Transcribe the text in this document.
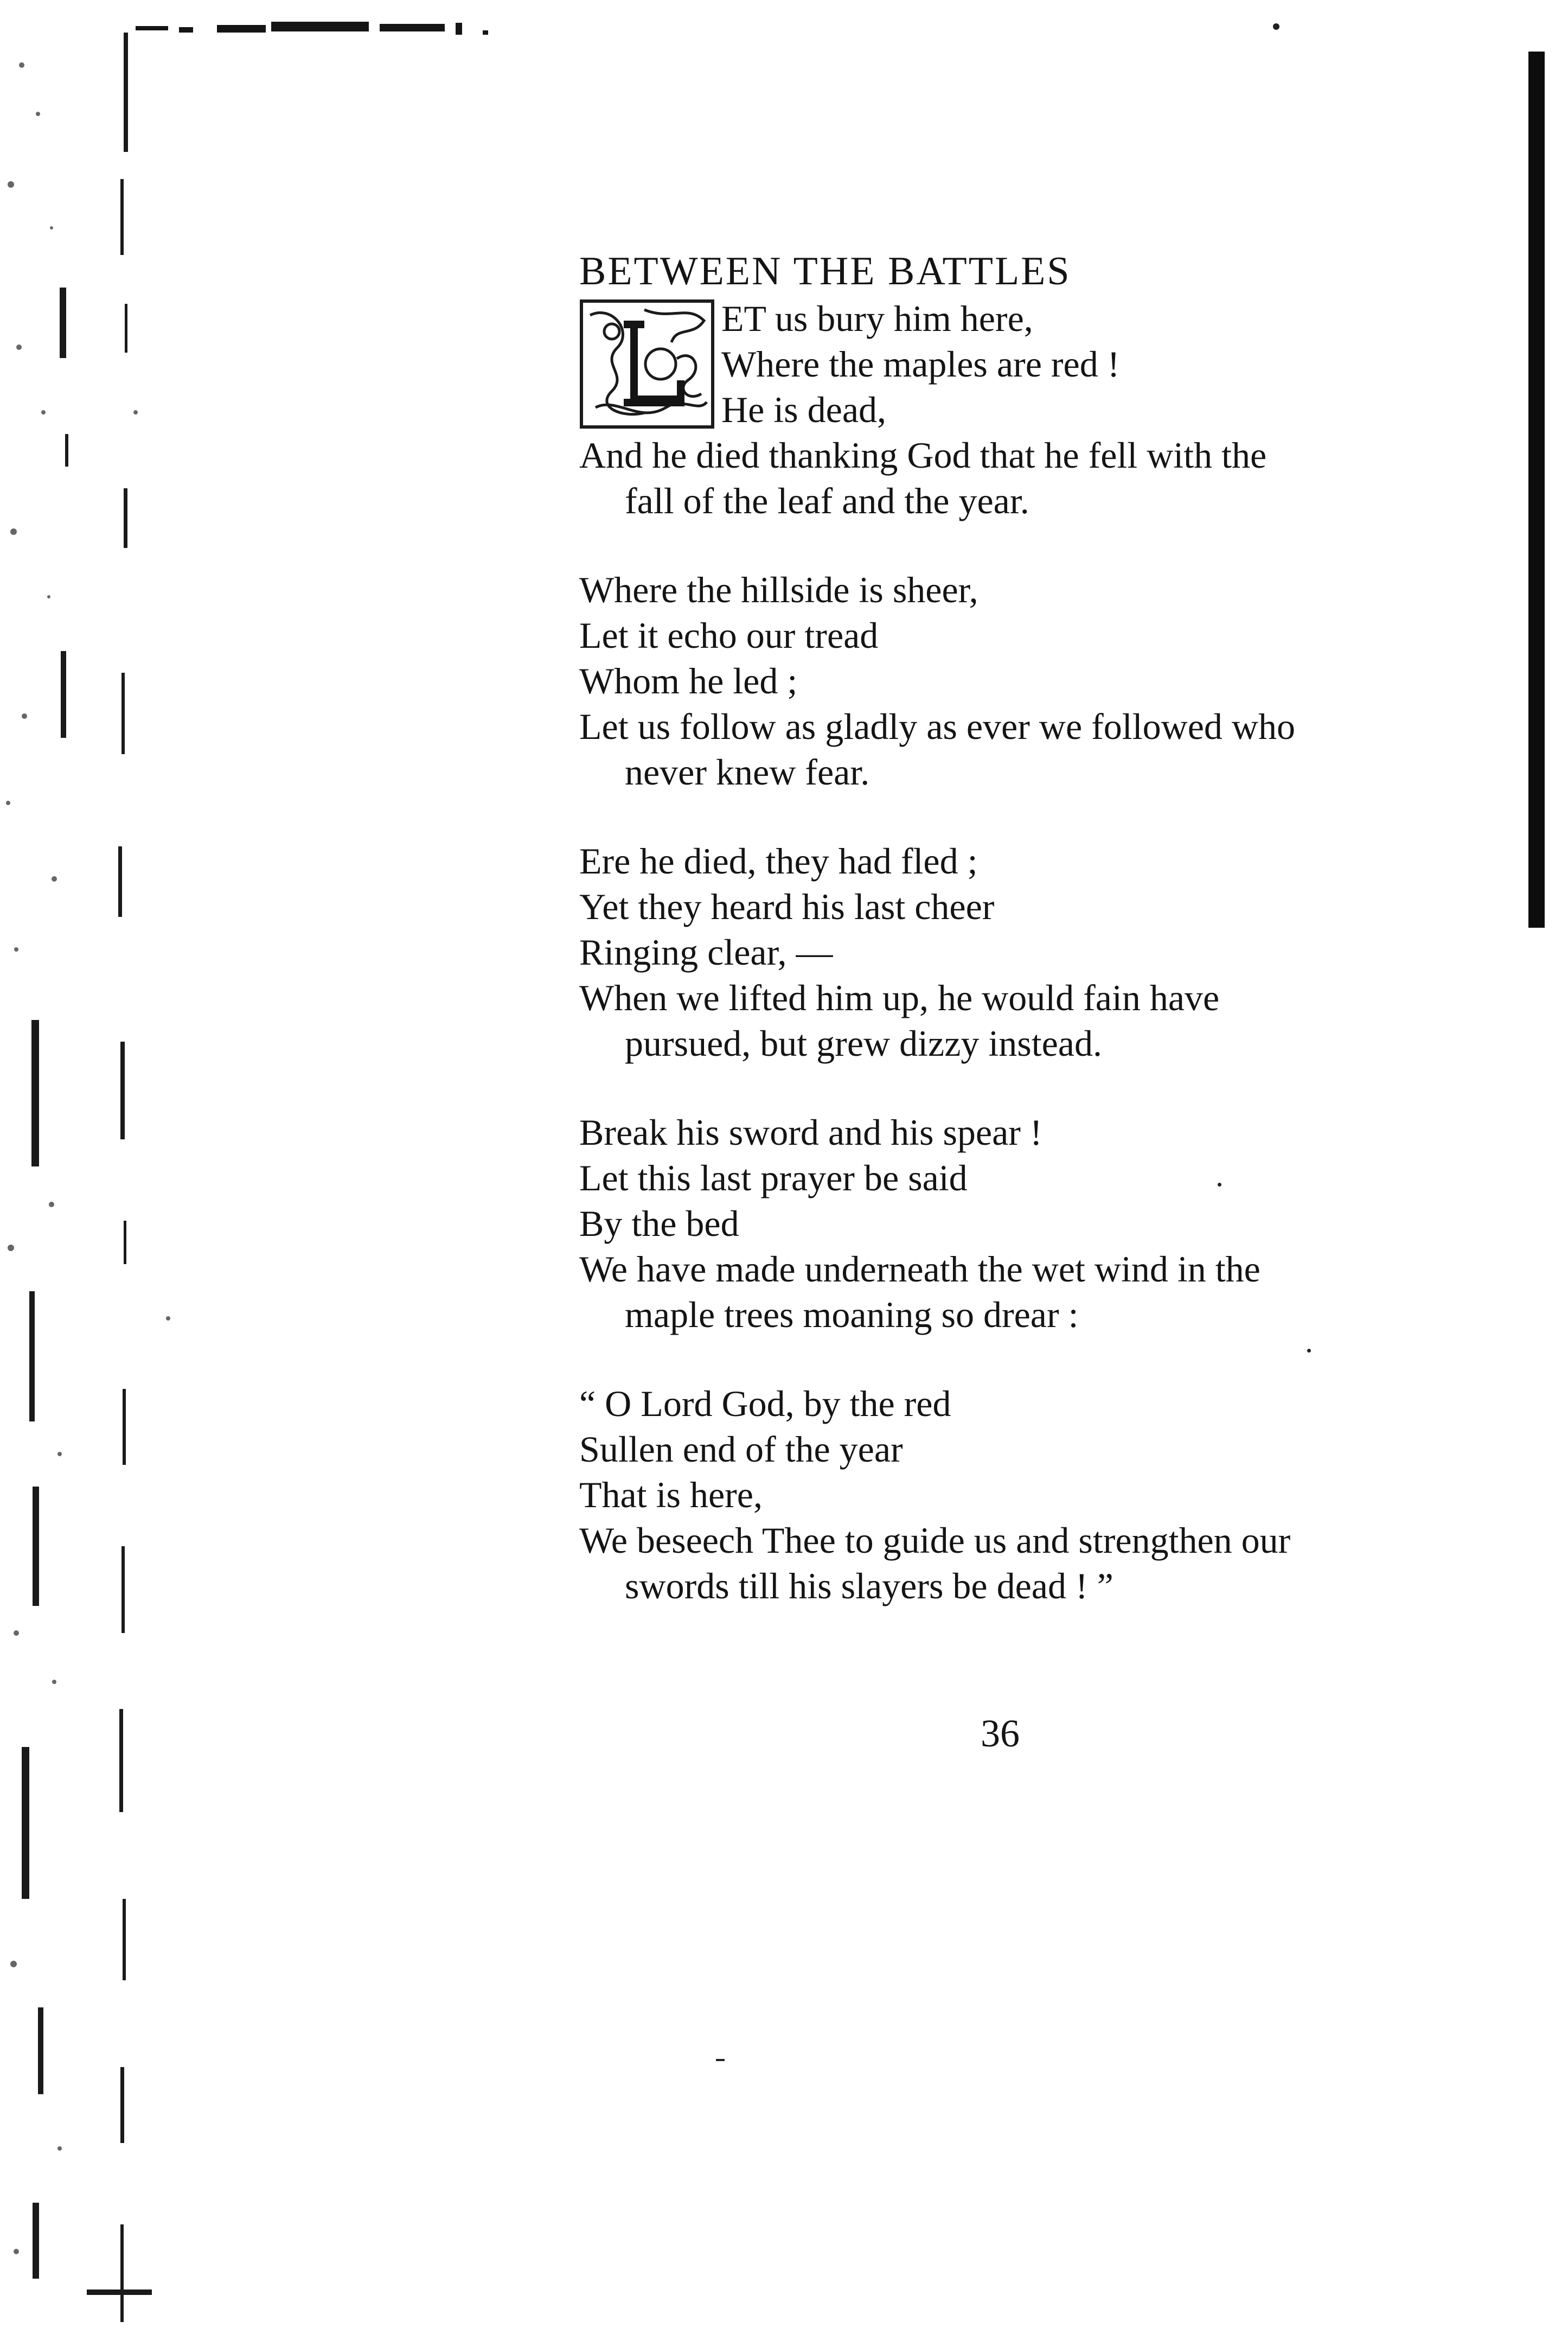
BETWEEN THE BATTLES
L
ET us bury him here,
Where the maples are red !
He is dead,
And he died thanking God that he fell with the
fall of the leaf and the year.
Where the hillside is sheer,
Let it echo our tread
Whom he led ;
Let us follow as gladly as ever we followed who
never knew fear.
Ere he died, they had fled ;
Yet they heard his last cheer
Ringing clear, —
When we lifted him up, he would fain have
pursued, but grew dizzy instead.
Break his sword and his spear !
Let this last prayer be said
By the bed
We have made underneath the wet wind in the
maple trees moaning so drear :
“ O Lord God, by the red
Sullen end of the year
That is here,
We beseech Thee to guide us and strengthen our
swords till his slayers be dead ! ”
36
